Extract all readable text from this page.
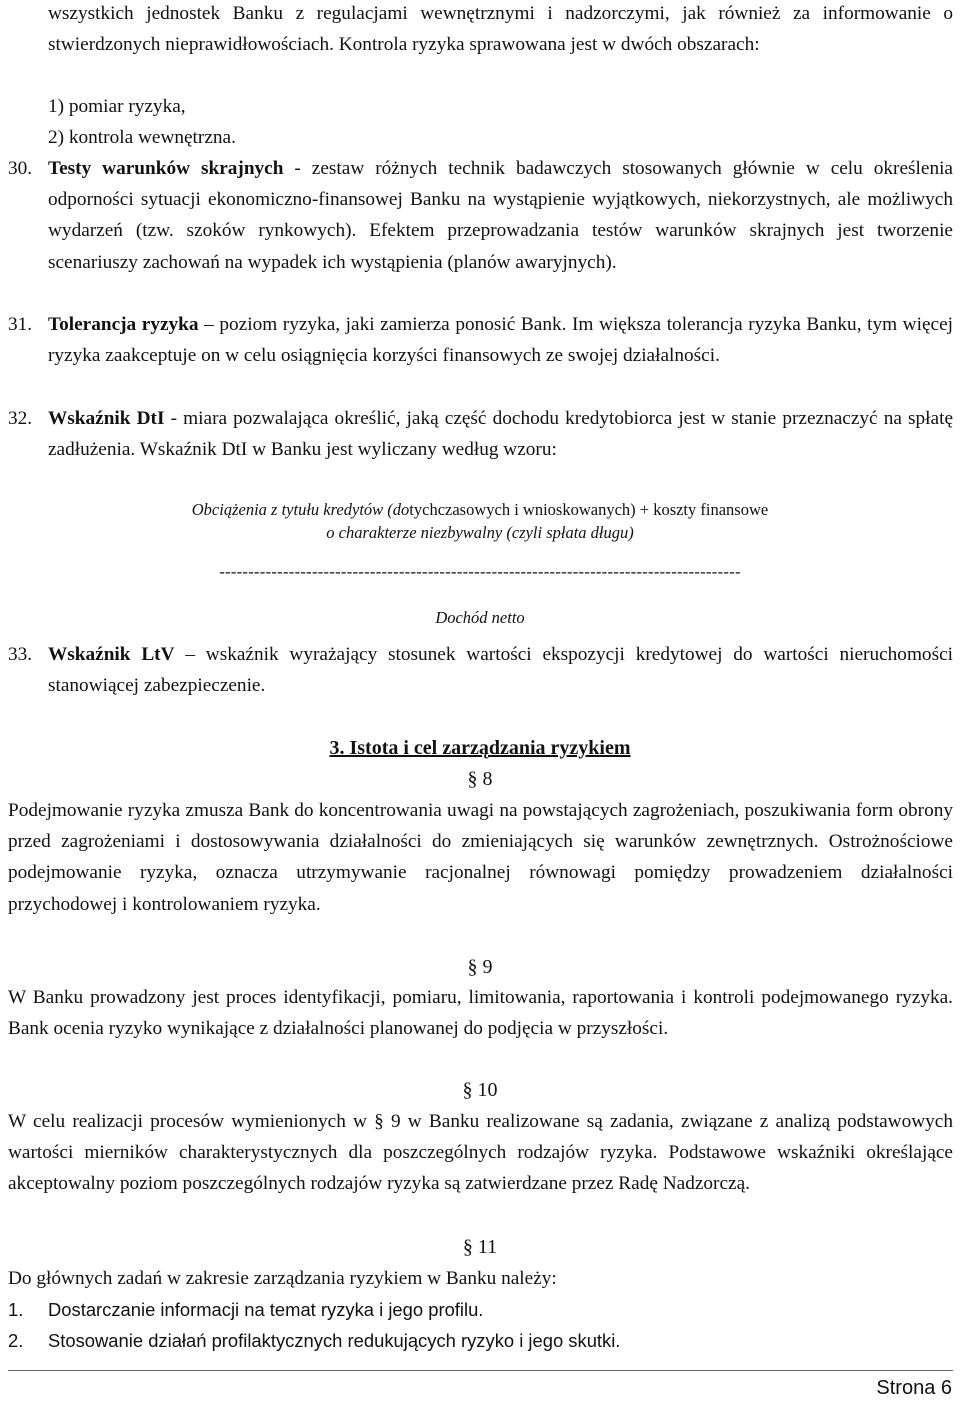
wszystkich jednostek Banku z regulacjami wewnętrznymi i nadzorczymi, jak również za informowanie o stwierdzonych nieprawidłowościach. Kontrola ryzyka sprawowana jest w dwóch obszarach:
1) pomiar ryzyka,
2) kontrola wewnętrzna.
30. Testy warunków skrajnych - zestaw różnych technik badawczych stosowanych głównie w celu określenia odporności sytuacji ekonomiczno-finansowej Banku na wystąpienie wyjątkowych, niekorzystnych, ale możliwych wydarzeń (tzw. szoków rynkowych). Efektem przeprowadzania testów warunków skrajnych jest tworzenie scenariuszy zachowań na wypadek ich wystąpienia (planów awaryjnych).
31. Tolerancja ryzyka – poziom ryzyka, jaki zamierza ponosić Bank. Im większa tolerancja ryzyka Banku, tym więcej ryzyka zaakceptuje on w celu osiągnięcia korzyści finansowych ze swojej działalności.
32. Wskaźnik DtI - miara pozwalająca określić, jaką część dochodu kredytobiorca jest w stanie przeznaczyć na spłatę zadłużenia. Wskaźnik DtI w Banku jest wyliczany według wzoru:
Obciążenia z tytułu kredytów (dotychczasowych i wnioskowanych) + koszty finansowe
o charakterze niezbywalny (czyli spłata długu)
------------------------------------------------------------------------------------------
Dochód netto
33. Wskaźnik LtV – wskaźnik wyrażający stosunek wartości ekspozycji kredytowej do wartości nieruchomości stanowiącej zabezpieczenie.
3. Istota i cel zarządzania ryzykiem
§ 8
Podejmowanie ryzyka zmusza Bank do koncentrowania uwagi na powstających zagrożeniach, poszukiwania form obrony przed zagrożeniami i dostosowywania działalności do zmieniających się warunków zewnętrznych. Ostrożnościowe podejmowanie ryzyka, oznacza utrzymywanie racjonalnej równowagi pomiędzy prowadzeniem działalności przychodowej i kontrolowaniem ryzyka.
§ 9
W Banku prowadzony jest proces identyfikacji, pomiaru, limitowania, raportowania i kontroli podejmowanego ryzyka. Bank ocenia ryzyko wynikające z działalności planowanej do podjęcia w przyszłości.
§ 10
W celu realizacji procesów wymienionych w § 9 w Banku realizowane są zadania, związane z analizą podstawowych wartości mierników charakterystycznych dla poszczególnych rodzajów ryzyka. Podstawowe wskaźniki określające akceptowalny poziom poszczególnych rodzajów ryzyka są zatwierdzane przez Radę Nadzorczą.
§ 11
Do głównych zadań w zakresie zarządzania ryzykiem w Banku należy:
1. Dostarczanie informacji na temat ryzyka i jego profilu.
2. Stosowanie działań profilaktycznych redukujących ryzyko i jego skutki.
Strona 6
